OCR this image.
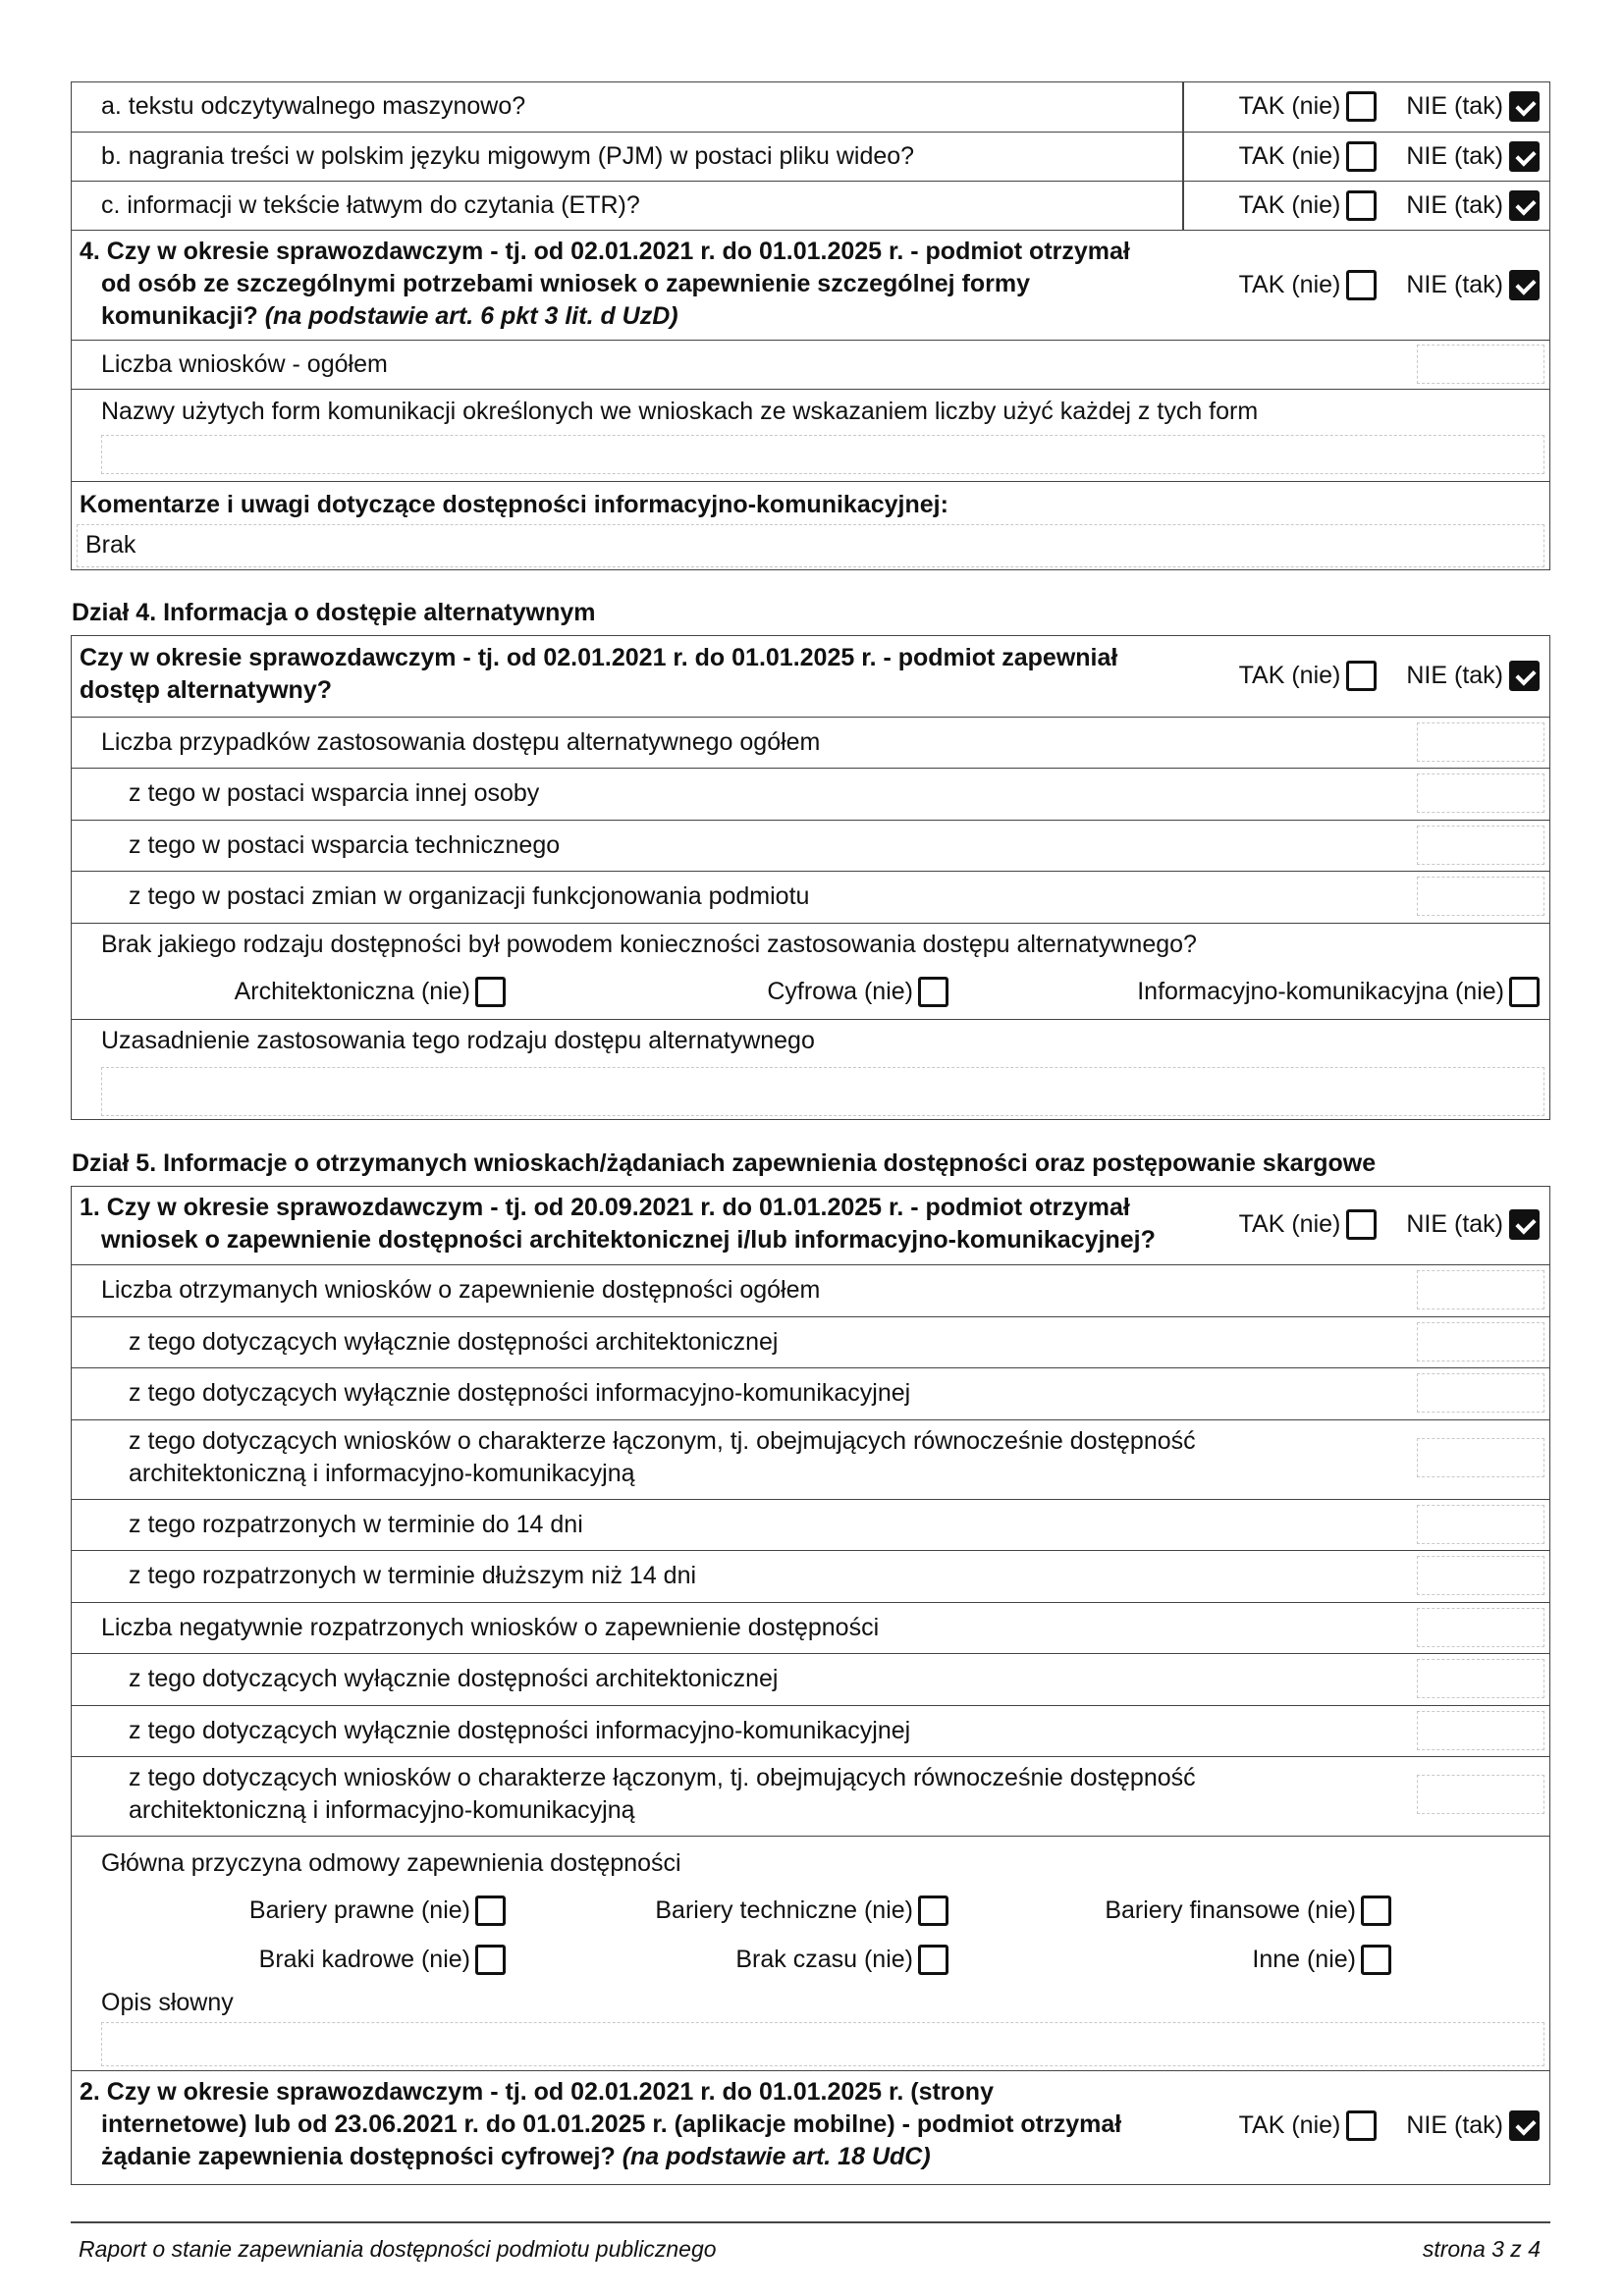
a. tekstu odczytywalnego maszynowo?	TAK (nie)	NIE (tak)
b. nagrania treści w polskim języku migowym (PJM) w postaci pliku wideo?	TAK (nie)	NIE (tak)
c. informacji w tekście łatwym do czytania (ETR)?	TAK (nie)	NIE (tak)
4. Czy w okresie sprawozdawczym - tj. od 02.01.2021 r. do 01.01.2025 r. - podmiot otrzymał
od osób ze szczególnymi potrzebami wniosek o zapewnienie szczególnej formy
komunikacji? (na podstawie art. 6 pkt 3 lit. d UzD)
TAK (nie)	NIE (tak)
Liczba wniosków - ogółem
Nazwy użytych form komunikacji określonych we wnioskach ze wskazaniem liczby użyć każdej z tych form
Komentarze i uwagi dotyczące dostępności informacyjno-komunikacyjnej:
Brak
Dział 4. Informacja o dostępie alternatywnym
Czy w okresie sprawozdawczym - tj. od 02.01.2021 r. do 01.01.2025 r. - podmiot zapewniał
dostęp alternatywny?
TAK (nie)	NIE (tak)
Liczba przypadków zastosowania dostępu alternatywnego ogółem
z tego w postaci wsparcia innej osoby
z tego w postaci wsparcia technicznego
z tego w postaci zmian w organizacji funkcjonowania podmiotu
Brak jakiego rodzaju dostępności był powodem konieczności zastosowania dostępu alternatywnego?
Architektoniczna (nie)	Cyfrowa (nie)	Informacyjno-komunikacyjna (nie)
Uzasadnienie zastosowania tego rodzaju dostępu alternatywnego
Dział 5. Informacje o otrzymanych wnioskach/żądaniach zapewnienia dostępności oraz postępowanie skargowe
1. Czy w okresie sprawozdawczym - tj. od 20.09.2021 r. do 01.01.2025 r. - podmiot otrzymał
wniosek o zapewnienie dostępności architektonicznej i/lub informacyjno-komunikacyjnej?
TAK (nie)	NIE (tak)
Liczba otrzymanych wniosków o zapewnienie dostępności ogółem
z tego dotyczących wyłącznie dostępności architektonicznej
z tego dotyczących wyłącznie dostępności informacyjno-komunikacyjnej
z tego dotyczących wniosków o charakterze łączonym, tj. obejmujących równocześnie dostępność
architektoniczną i informacyjno-komunikacyjną
z tego rozpatrzonych w terminie do 14 dni
z tego rozpatrzonych w terminie dłuższym niż 14 dni
Liczba negatywnie rozpatrzonych wniosków o zapewnienie dostępności
z tego dotyczących wyłącznie dostępności architektonicznej
z tego dotyczących wyłącznie dostępności informacyjno-komunikacyjnej
z tego dotyczących wniosków o charakterze łączonym, tj. obejmujących równocześnie dostępność
architektoniczną i informacyjno-komunikacyjną
Główna przyczyna odmowy zapewnienia dostępności
Bariery prawne (nie)	Bariery techniczne (nie)	Bariery finansowe (nie)
Braki kadrowe (nie)	Brak czasu (nie)	Inne (nie)
Opis słowny
2. Czy w okresie sprawozdawczym - tj. od 02.01.2021 r. do 01.01.2025 r. (strony
internetowe) lub od 23.06.2021 r. do 01.01.2025 r. (aplikacje mobilne) - podmiot otrzymał
żądanie zapewnienia dostępności cyfrowej? (na podstawie art. 18 UdC)
TAK (nie)	NIE (tak)
Raport o stanie zapewniania dostępności podmiotu publicznego	strona 3 z 4
